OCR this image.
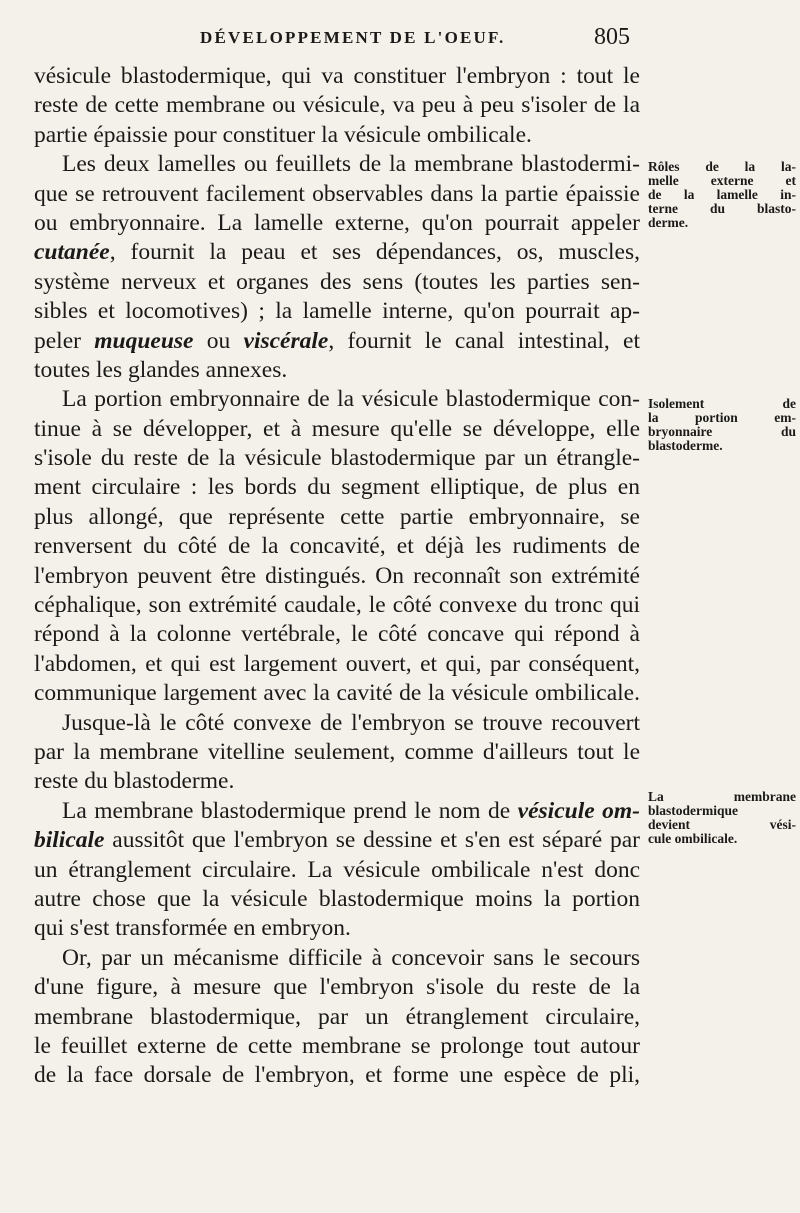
DÉVELOPPEMENT DE L'OEUF.	805
vésicule blastodermique, qui va constituer l'embryon : tout le
reste de cette membrane ou vésicule, va peu à peu s'isoler de la
partie épaissie pour constituer la vésicule ombilicale.
Les deux lamelles ou feuillets de la membrane blastodermi-
que se retrouvent facilement observables dans la partie épaissie
ou embryonnaire. La lamelle externe, qu'on pourrait appeler
cutanée, fournit la peau et ses dépendances, os, muscles,
système nerveux et organes des sens (toutes les parties sen-
sibles et locomotives) ; la lamelle interne, qu'on pourrait ap-
peler muqueuse ou viscérale, fournit le canal intestinal, et
toutes les glandes annexes.
La portion embryonnaire de la vésicule blastodermique con-
tinue à se développer, et à mesure qu'elle se développe, elle
s'isole du reste de la vésicule blastodermique par un étrangle-
ment circulaire : les bords du segment elliptique, de plus en
plus allongé, que représente cette partie embryonnaire, se
renversent du côté de la concavité, et déjà les rudiments de
l'embryon peuvent être distingués. On reconnaît son extrémité
céphalique, son extrémité caudale, le côté convexe du tronc qui
répond à la colonne vertébrale, le côté concave qui répond à
l'abdomen, et qui est largement ouvert, et qui, par conséquent,
communique largement avec la cavité de la vésicule ombilicale.
Jusque-là le côté convexe de l'embryon se trouve recouvert
par la membrane vitelline seulement, comme d'ailleurs tout le
reste du blastoderme.
La membrane blastodermique prend le nom de vésicule om-
bilicale aussitôt que l'embryon se dessine et s'en est séparé par
un étranglement circulaire. La vésicule ombilicale n'est donc
autre chose que la vésicule blastodermique moins la portion
qui s'est transformée en embryon.
Or, par un mécanisme difficile à concevoir sans le secours
d'une figure, à mesure que l'embryon s'isole du reste de la
membrane blastodermique, par un étranglement circulaire,
le feuillet externe de cette membrane se prolonge tout autour
de la face dorsale de l'embryon, et forme une espèce de pli,
Rôles de la la-
melle externe et
de la lamelle in-
terne du blasto-
derme.
Isolement de
la portion em-
bryonnaire du
blastoderme.
La membrane
blastodermique
devient vési-
cule ombilicale.
